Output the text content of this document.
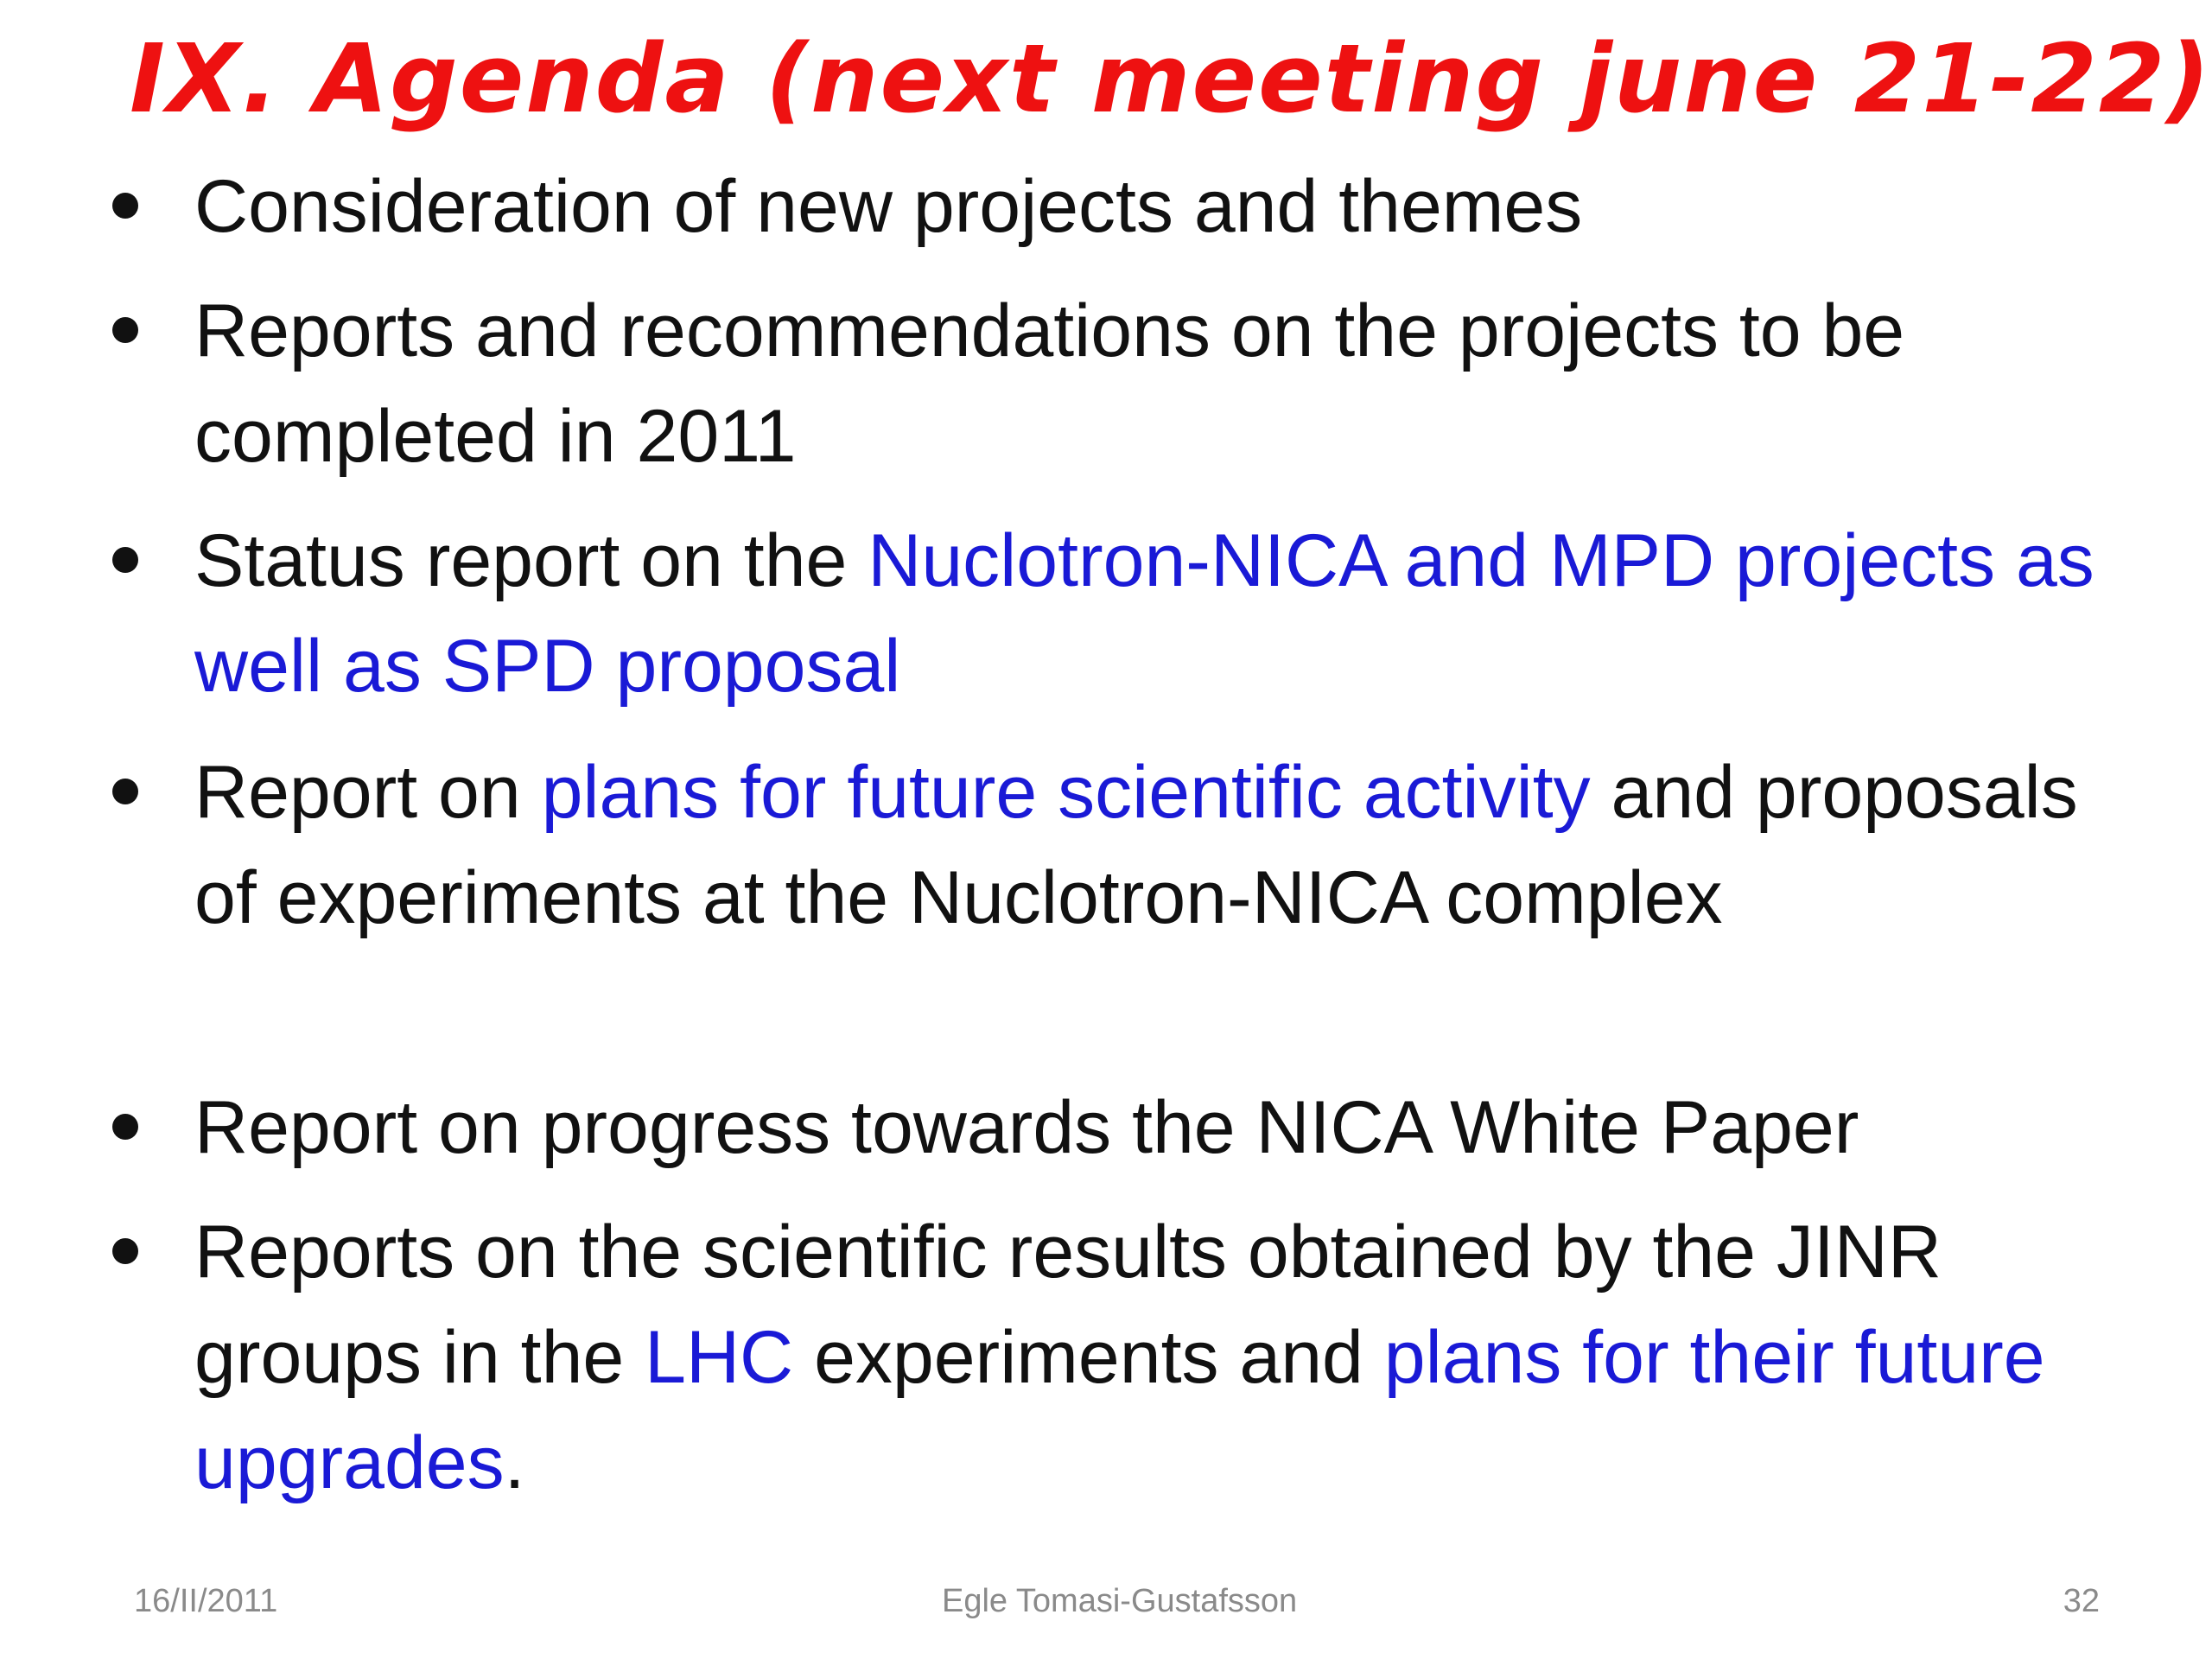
IX. Agenda (next meeting june 21-22)

Consideration of new projects and themes

Reports and recommendations on the projects to be completed in 2011

Status report on the Nuclotron-NICA and MPD projects as well as SPD proposal

Report on plans for future scientific activity and proposals of experiments at the Nuclotron-NICA complex

Report on progress towards the NICA White Paper

Reports on the scientific results obtained by the JINR groups in the LHC experiments and plans for their future upgrades.

16/II/2011	Egle Tomasi-Gustafsson	32
